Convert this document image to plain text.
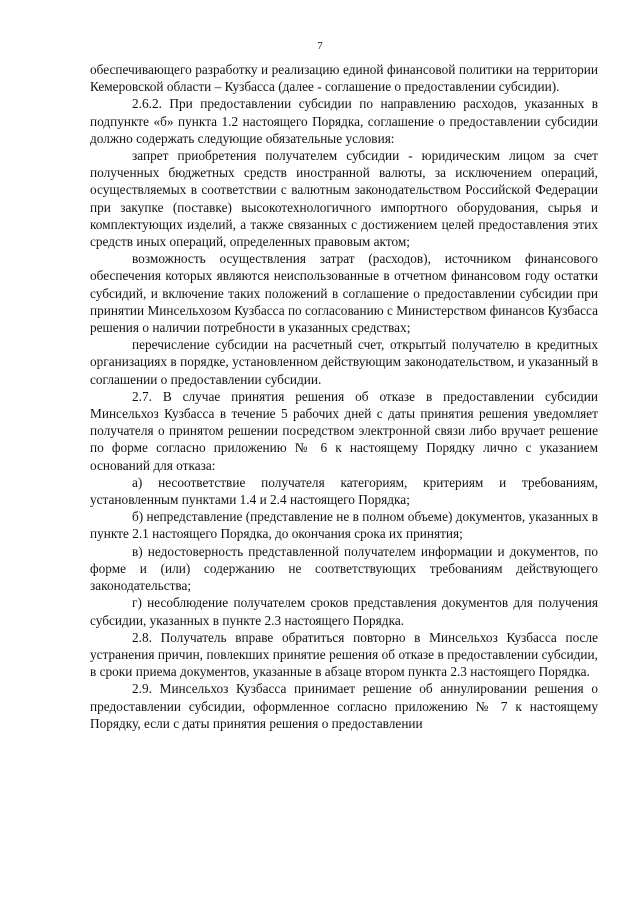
7

обеспечивающего разработку и реализацию единой финансовой политики на территории Кемеровской области – Кузбасса (далее - соглашение о предоставлении субсидии).

2.6.2. При предоставлении субсидии по направлению расходов, указанных в подпункте «б» пункта 1.2 настоящего Порядка, соглашение о предоставлении субсидии должно содержать следующие обязательные условия:

запрет приобретения получателем субсидии - юридическим лицом за счет полученных бюджетных средств иностранной валюты, за исключением операций, осуществляемых в соответствии с валютным законодательством Российской Федерации при закупке (поставке) высокотехнологичного импортного оборудования, сырья и комплектующих изделий, а также связанных с достижением целей предоставления этих средств иных операций, определенных правовым актом;

возможность осуществления затрат (расходов), источником финансового обеспечения которых являются неиспользованные в отчетном финансовом году остатки субсидий, и включение таких положений в соглашение о предоставлении субсидии при принятии Минсельхозом Кузбасса по согласованию с Министерством финансов Кузбасса решения о наличии потребности в указанных средствах;

перечисление субсидии на расчетный счет, открытый получателю в кредитных организациях в порядке, установленном действующим законодательством, и указанный в соглашении о предоставлении субсидии.

2.7. В случае принятия решения об отказе в предоставлении субсидии Минсельхоз Кузбасса в течение 5 рабочих дней с даты принятия решения уведомляет получателя о принятом решении посредством электронной связи либо вручает решение по форме согласно приложению № 6 к настоящему Порядку лично с указанием оснований для отказа:

а) несоответствие получателя категориям, критериям и требованиям, установленным пунктами 1.4 и 2.4 настоящего Порядка;

б) непредставление (представление не в полном объеме) документов, указанных в пункте 2.1 настоящего Порядка, до окончания срока их принятия;

в) недостоверность представленной получателем информации и документов, по форме и (или) содержанию не соответствующих требованиям действующего законодательства;

г) несоблюдение получателем сроков представления документов для получения субсидии, указанных в пункте 2.3 настоящего Порядка.

2.8. Получатель вправе обратиться повторно в Минсельхоз Кузбасса после устранения причин, повлекших принятие решения об отказе в предоставлении субсидии, в сроки приема документов, указанные в абзаце втором пункта 2.3 настоящего Порядка.

2.9. Минсельхоз Кузбасса принимает решение об аннулировании решения о предоставлении субсидии, оформленное согласно приложению № 7 к настоящему Порядку, если с даты принятия решения о предоставлении
